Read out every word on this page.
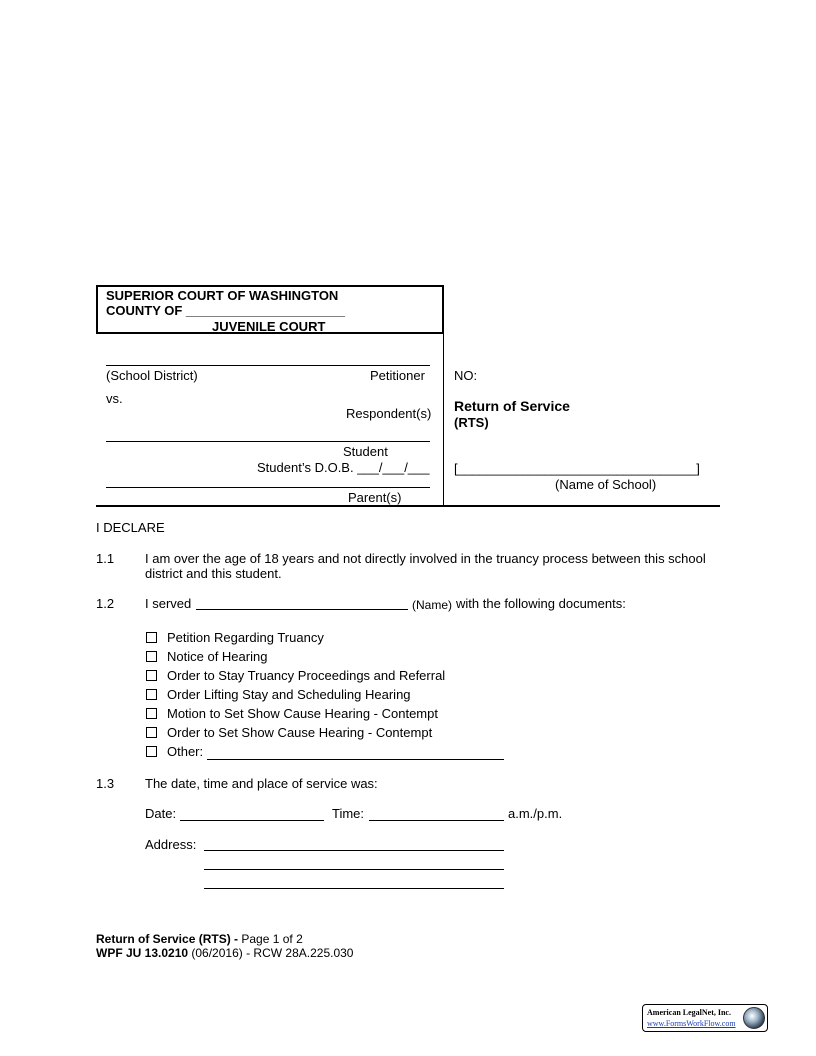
SUPERIOR COURT OF WASHINGTON
COUNTY OF ______________________
JUVENILE COURT
(School District)	Petitioner
vs.
Respondent(s)
Student
Student’s D.O.B. ___/___/___
Parent(s)
NO:
Return of Service
(RTS)
[_________________________________]
(Name of School)
I DECLARE
1.1 I am over the age of 18 years and not directly involved in the truancy process between this school
district and this student.
1.2 I served	(Name) with the following documents:
Petition Regarding Truancy
Notice of Hearing
Order to Stay Truancy Proceedings and Referral
Order Lifting Stay and Scheduling Hearing
Motion to Set Show Cause Hearing - Contempt
Order to Set Show Cause Hearing - Contempt
Other:
1.3 The date, time and place of service was:
Date:	Time:	a.m./p.m.
Address:
Return of Service (RTS) - Page 1 of 2
WPF JU 13.0210 (06/2016) - RCW 28A.225.030
American LegalNet, Inc.
www.FormsWorkFlow.com
